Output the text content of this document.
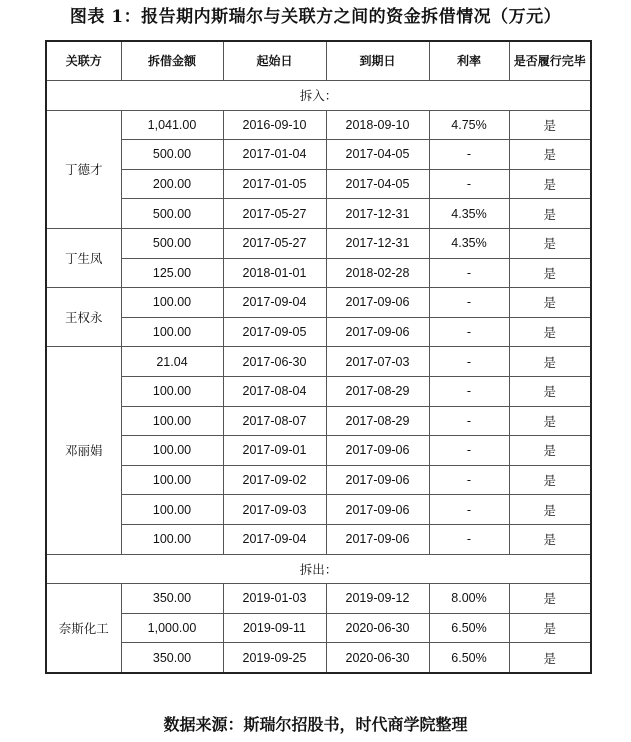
图表 1：报告期内斯瑞尔与关联方之间的资金拆借情况（万元）
关联方	拆借金额	起始日	到期日	利率	是否履行完毕
拆入：					
丁德才	1,041.00	2016-09-10	2018-09-10	4.75%	是
	500.00	2017-01-04	2017-04-05	-	是
	200.00	2017-01-05	2017-04-05	-	是
	500.00	2017-05-27	2017-12-31	4.35%	是
丁生凤	500.00	2017-05-27	2017-12-31	4.35%	是
	125.00	2018-01-01	2018-02-28	-	是
王权永	100.00	2017-09-04	2017-09-06	-	是
	100.00	2017-09-05	2017-09-06	-	是
邓丽娟	21.04	2017-06-30	2017-07-03	-	是
	100.00	2017-08-04	2017-08-29	-	是
	100.00	2017-08-07	2017-08-29	-	是
	100.00	2017-09-01	2017-09-06	-	是
	100.00	2017-09-02	2017-09-06	-	是
	100.00	2017-09-03	2017-09-06	-	是
	100.00	2017-09-04	2017-09-06	-	是
拆出：					
奈斯化工	350.00	2019-01-03	2019-09-12	8.00%	是
	1,000.00	2019-09-11	2020-06-30	6.50%	是
	350.00	2019-09-25	2020-06-30	6.50%	是
数据来源：斯瑞尔招股书，时代商学院整理
